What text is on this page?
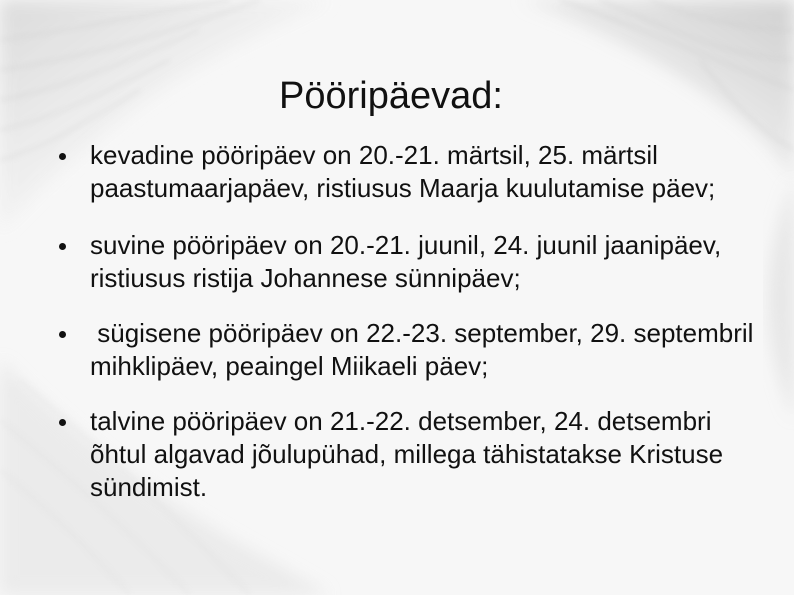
Pööripäevad:
kevadine pööripäev on 20.-21. märtsil, 25. märtsil paastumaarjapäev, ristiusus Maarja kuulutamise päev;
suvine pööripäev on 20.-21. juunil, 24. juunil jaanipäev, ristiusus ristija Johannese sünnipäev;
sügisene pööripäev on 22.-23. september, 29. septembril mihklipäev, peaingel Miikaeli päev;
talvine pööripäev on 21.-22. detsember, 24. detsembri õhtul algavad jõulupühad, millega tähistatakse Kristuse sündimist.
